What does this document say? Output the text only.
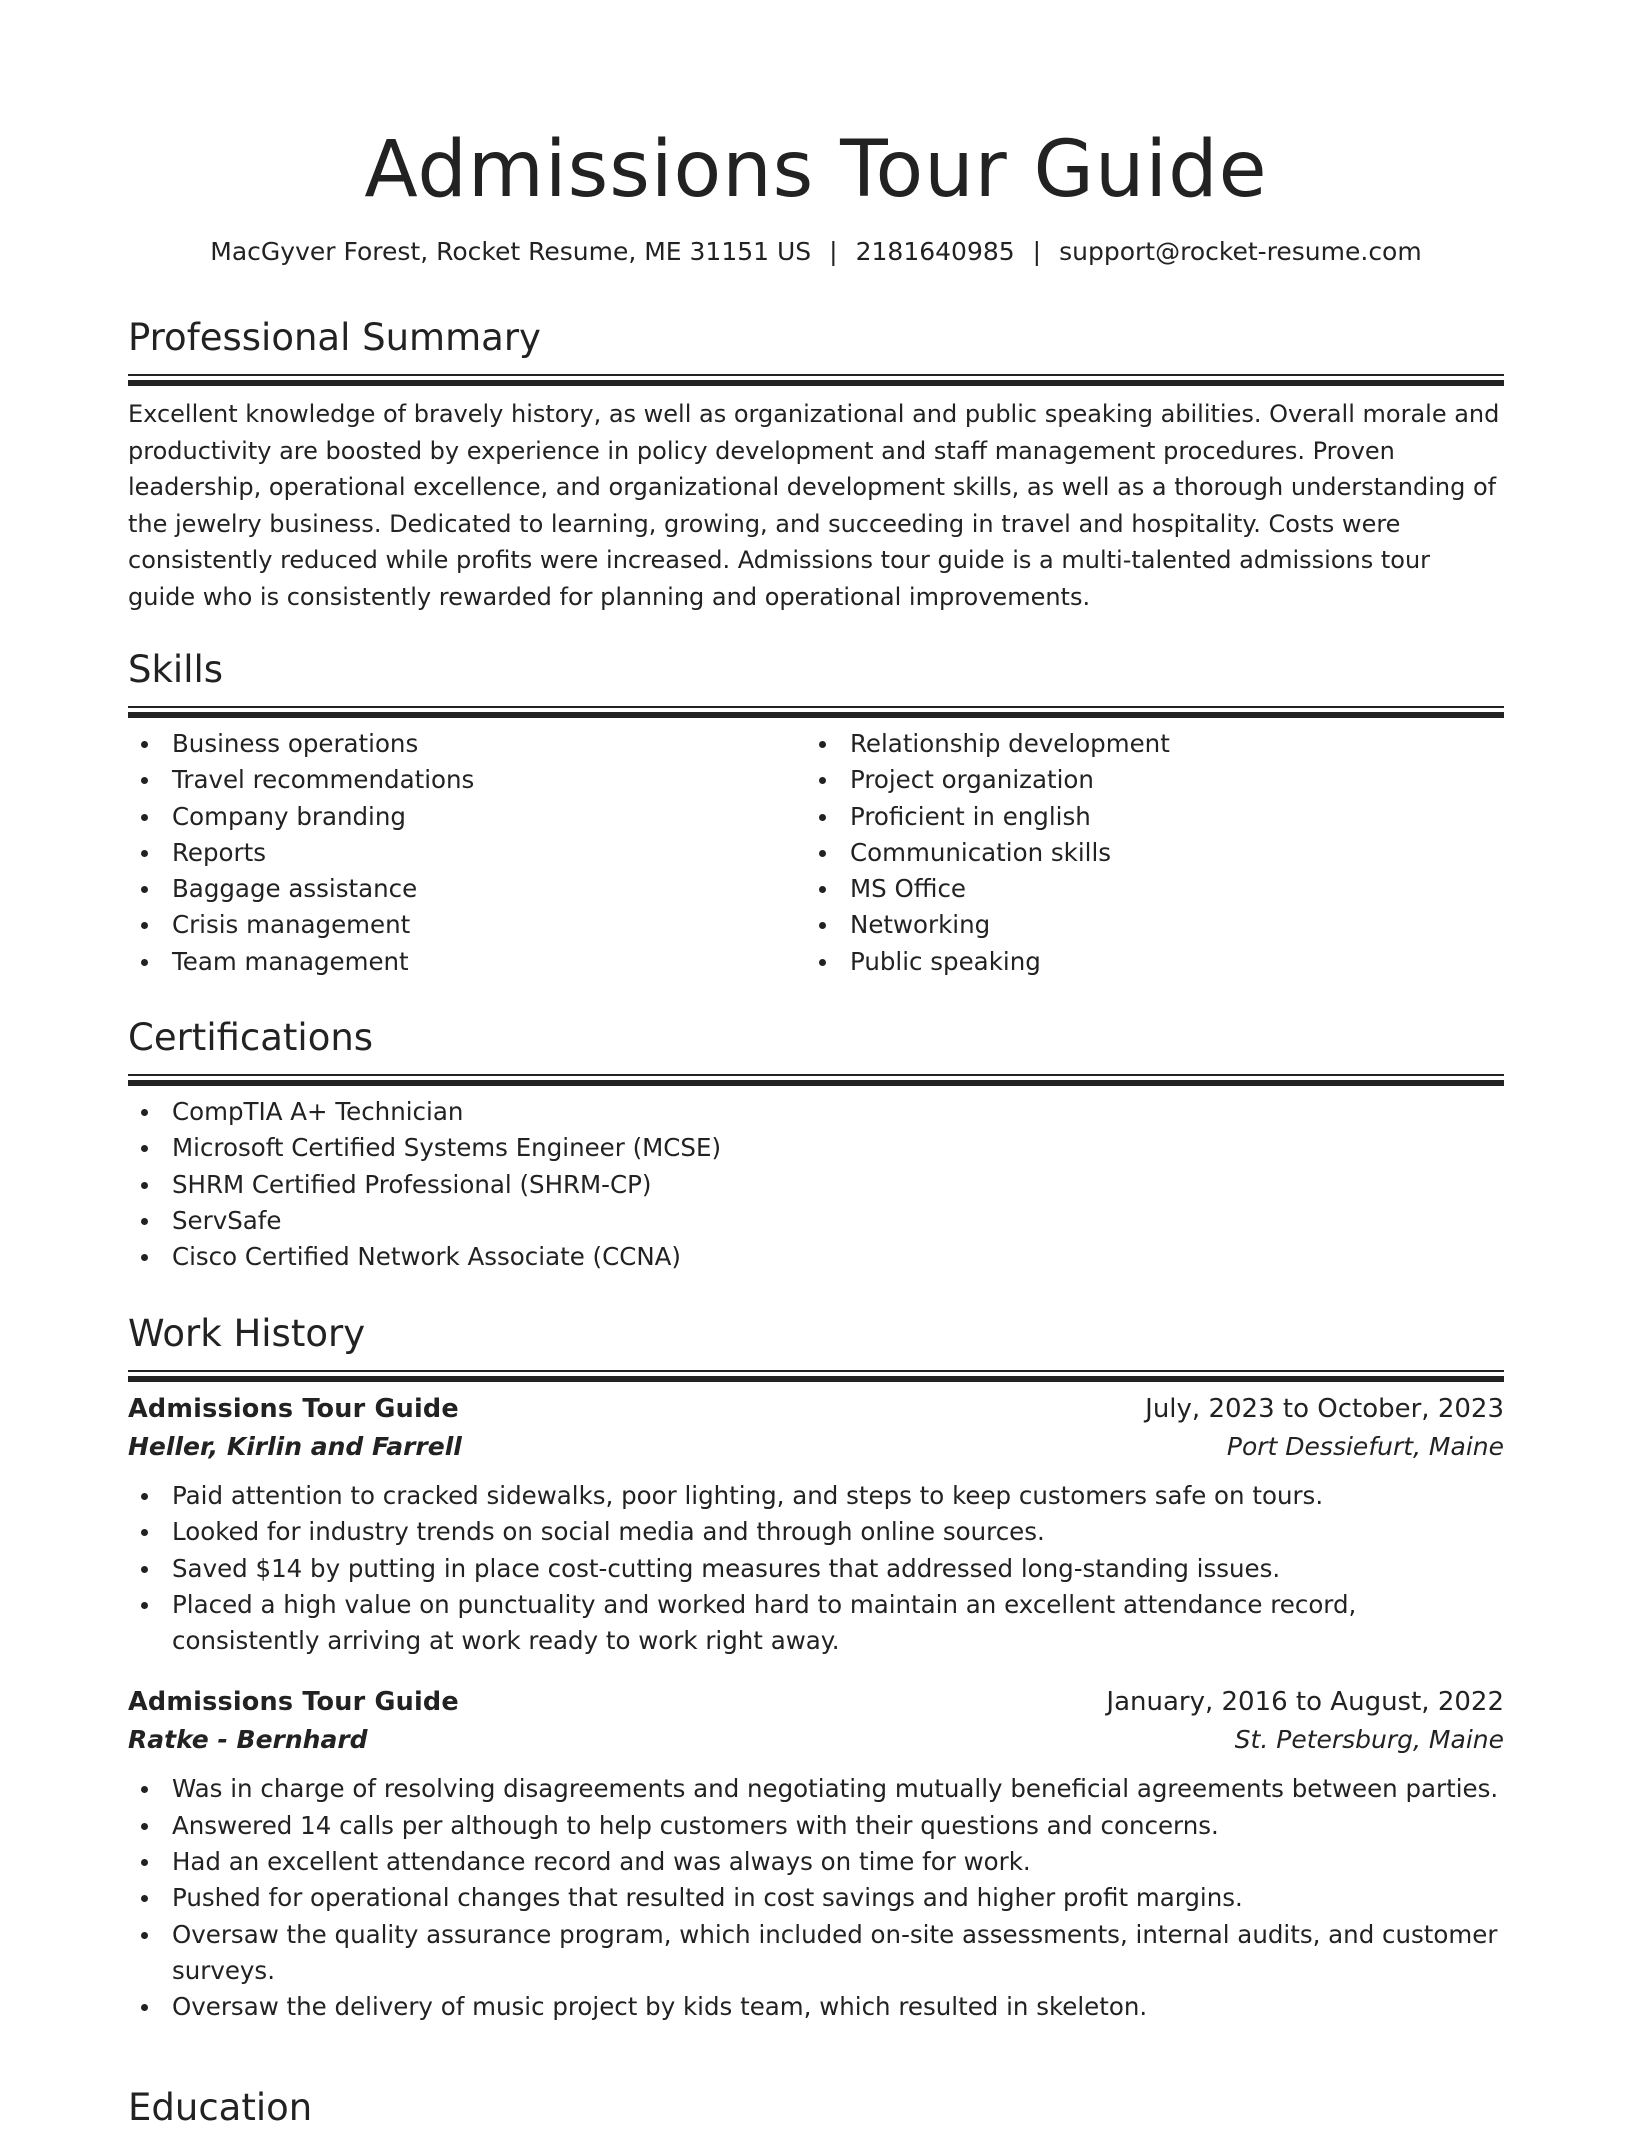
Admissions Tour Guide
MacGyver Forest, Rocket Resume, ME 31151 US | 2181640985 | support@rocket-resume.com
Professional Summary
Excellent knowledge of bravely history, as well as organizational and public speaking abilities. Overall morale and productivity are boosted by experience in policy development and staff management procedures. Proven leadership, operational excellence, and organizational development skills, as well as a thorough understanding of the jewelry business. Dedicated to learning, growing, and succeeding in travel and hospitality. Costs were consistently reduced while profits were increased. Admissions tour guide is a multi-talented admissions tour guide who is consistently rewarded for planning and operational improvements.
Skills
Business operations
Travel recommendations
Company branding
Reports
Baggage assistance
Crisis management
Team management
Relationship development
Project organization
Proficient in english
Communication skills
MS Office
Networking
Public speaking
Certifications
CompTIA A+ Technician
Microsoft Certified Systems Engineer (MCSE)
SHRM Certified Professional (SHRM-CP)
ServSafe
Cisco Certified Network Associate (CCNA)
Work History
Admissions Tour Guide	July, 2023 to October, 2023
Heller, Kirlin and Farrell	Port Dessiefurt, Maine
Paid attention to cracked sidewalks, poor lighting, and steps to keep customers safe on tours.
Looked for industry trends on social media and through online sources.
Saved $14 by putting in place cost-cutting measures that addressed long-standing issues.
Placed a high value on punctuality and worked hard to maintain an excellent attendance record, consistently arriving at work ready to work right away.
Admissions Tour Guide	January, 2016 to August, 2022
Ratke - Bernhard	St. Petersburg, Maine
Was in charge of resolving disagreements and negotiating mutually beneficial agreements between parties.
Answered 14 calls per although to help customers with their questions and concerns.
Had an excellent attendance record and was always on time for work.
Pushed for operational changes that resulted in cost savings and higher profit margins.
Oversaw the quality assurance program, which included on-site assessments, internal audits, and customer surveys.
Oversaw the delivery of music project by kids team, which resulted in skeleton.
Education
